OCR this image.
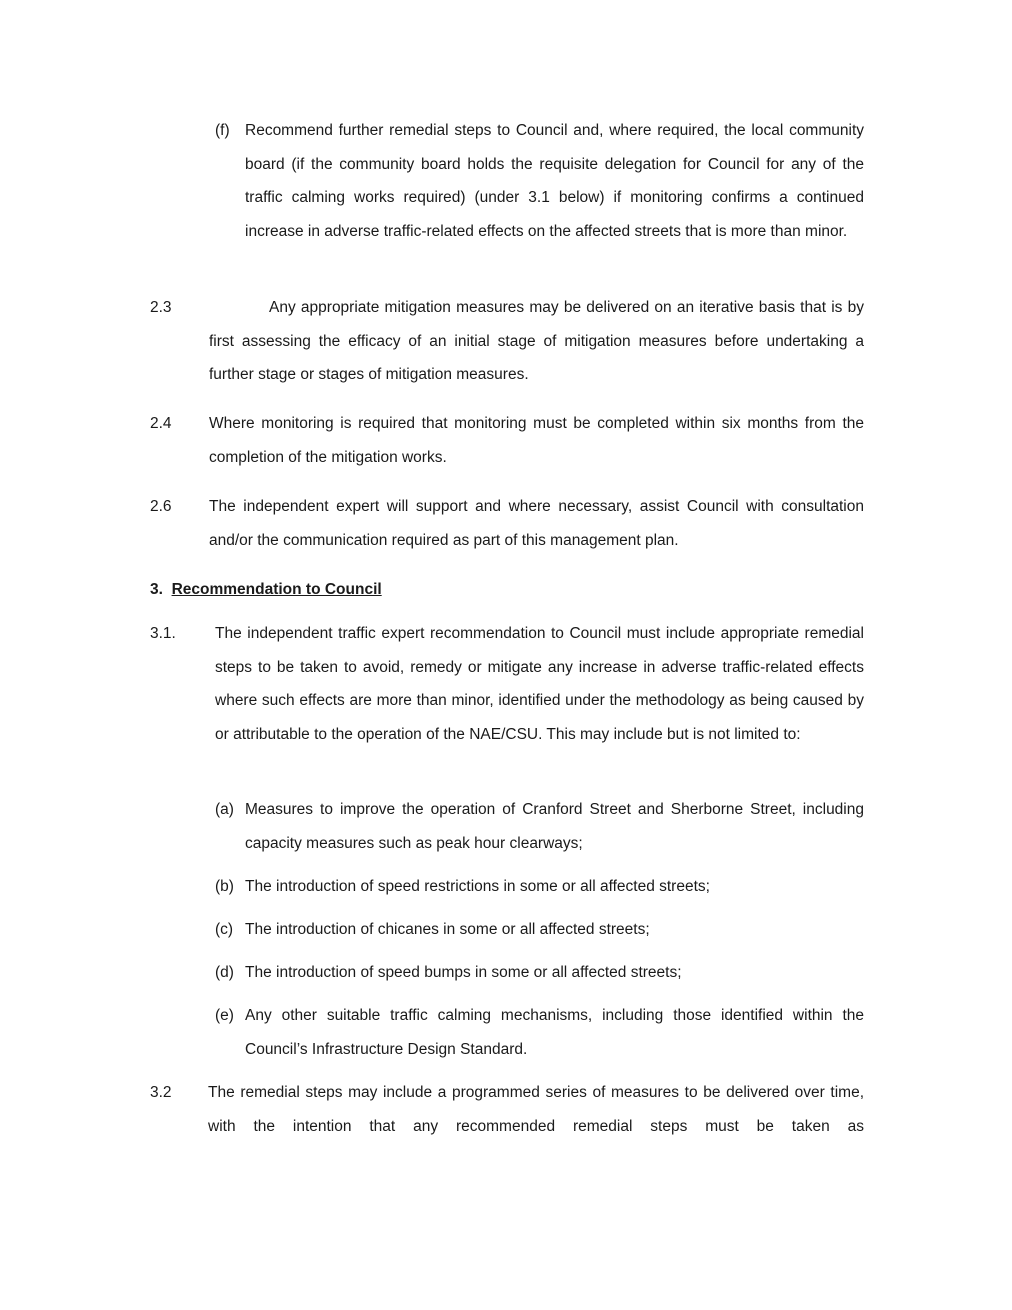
(f) Recommend further remedial steps to Council and, where required, the local community board (if the community board holds the requisite delegation for Council for any of the traffic calming works required) (under 3.1 below) if monitoring confirms a continued increase in adverse traffic-related effects on the affected streets that is more than minor.
2.3	Any appropriate mitigation measures may be delivered on an iterative basis that is by first assessing the efficacy of an initial stage of mitigation measures before undertaking a further stage or stages of mitigation measures.
2.4 Where monitoring is required that monitoring must be completed within six months from the completion of the mitigation works.
2.6 The independent expert will support and where necessary, assist Council with consultation and/or the communication required as part of this management plan.
3. Recommendation to Council
3.1.	The independent traffic expert recommendation to Council must include appropriate remedial steps to be taken to avoid, remedy or mitigate any increase in adverse traffic-related effects where such effects are more than minor, identified under the methodology as being caused by or attributable to the operation of the NAE/CSU. This may include but is not limited to:
(a) Measures to improve the operation of Cranford Street and Sherborne Street, including capacity measures such as peak hour clearways;
(b) The introduction of speed restrictions in some or all affected streets;
(c) The introduction of chicanes in some or all affected streets;
(d) The introduction of speed bumps in some or all affected streets;
(e) Any other suitable traffic calming mechanisms, including those identified within the Council’s Infrastructure Design Standard.
3.2 The remedial steps may include a programmed series of measures to be delivered over time, with the intention that any recommended remedial steps must be taken as
